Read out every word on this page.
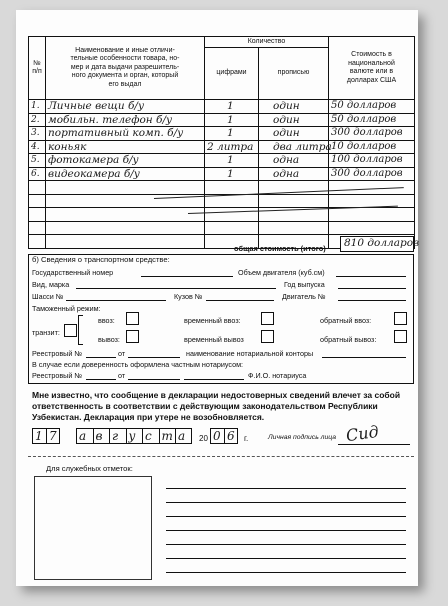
№
п/п	Наименование и иные отличи-
тельные особенности товара, но-
мер и дата выдачи разрешитель-
ного документа и орган, который
его выдал	Количество		Стоимость в
национальной
валюте или в
долларах США
		цифрами	прописью	

1.	Личные вещи б/у	1	один	50 долларов

2.	мобильн. телефон б/у	1	один	50 долларов

3.	портативный комп. б/у	1	один	300 долларов

4.	коньяк	2 литра	два литра	10 долларов

5.	фотокамера б/у	1	одна	100 долларов

6.	видеокамера б/у	1	одна	300 долларов

общая стоимость (итого) 810 долларов
б) Сведения о транспортном средстве:
Государственный номер	Объем двигателя (куб.см)
Вид, марка	Год выпуска
Шасси №	Кузов №	Двигатель №
Таможенный режим:
транзит:
ввоз:	временный ввоз:	обратный ввоз:
вывоз:	временный вывоз	обратный вывоз:
Реестровый №	от	наименование нотариальной конторы
В случае если доверенность оформлена частным нотариусом:
Реестровый №	от	Ф.И.О. нотариуса
Мне известно, что сообщение в декларации недостоверных сведений влечет за собой ответственность в соответствии с действующим законодательством Республики Узбекистан. Декларация при утере не возобновляется.
1 7 а в г у с т а 20 0 6 г.	Личная подпись лица Сид
Для служебных отметок:
